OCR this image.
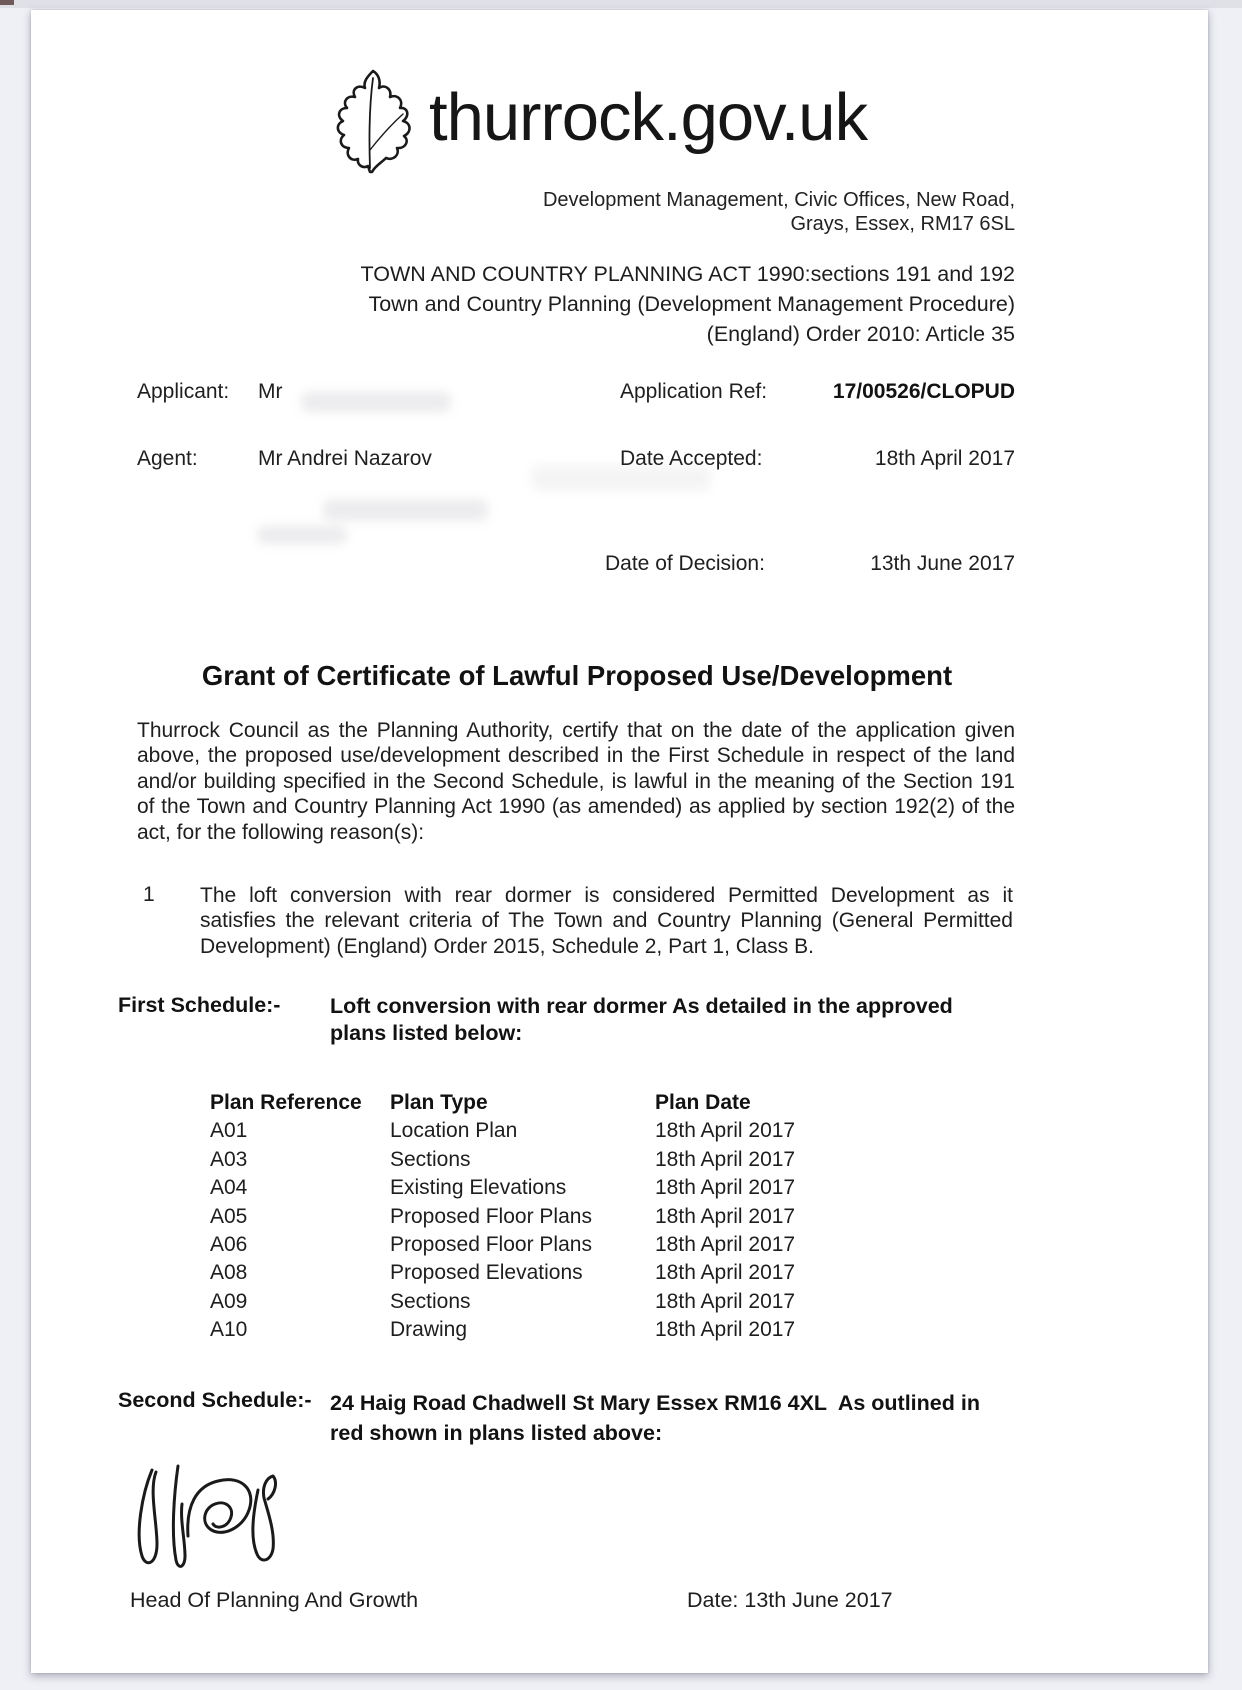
thurrock.gov.uk
Development Management, Civic Offices, New Road,
Grays, Essex, RM17 6SL
TOWN AND COUNTRY PLANNING ACT 1990:sections 191 and 192
Town and Country Planning (Development Management Procedure)
(England) Order 2010: Article 35
Applicant: Mr	Application Ref:	17/00526/CLOPUD
Agent:	Mr Andrei Nazarov	Date Accepted:	18th April 2017
Date of Decision:	13th June 2017
Grant of Certificate of Lawful Proposed Use/Development
Thurrock Council as the Planning Authority, certify that on the date of the application given above, the proposed use/development described in the First Schedule in respect of the land and/or building specified in the Second Schedule, is lawful in the meaning of the Section 191 of the Town and Country Planning Act 1990 (as amended) as applied by section 192(2) of the act, for the following reason(s):
1 The loft conversion with rear dormer is considered Permitted Development as it satisfies the relevant criteria of The Town and Country Planning (General Permitted Development) (England) Order 2015, Schedule 2, Part 1, Class B.
First Schedule:- Loft conversion with rear dormer As detailed in the approved plans listed below:
Plan Reference	Plan Type	Plan Date
A01	Location Plan	18th April 2017
A03	Sections	18th April 2017
A04	Existing Elevations	18th April 2017
A05	Proposed Floor Plans	18th April 2017
A06	Proposed Floor Plans	18th April 2017
A08	Proposed Elevations	18th April 2017
A09	Sections	18th April 2017
A10	Drawing	18th April 2017
Second Schedule:- 24 Haig Road Chadwell St Mary Essex RM16 4XL  As outlined in red shown in plans listed above:
Head Of Planning And Growth	Date: 13th June 2017
